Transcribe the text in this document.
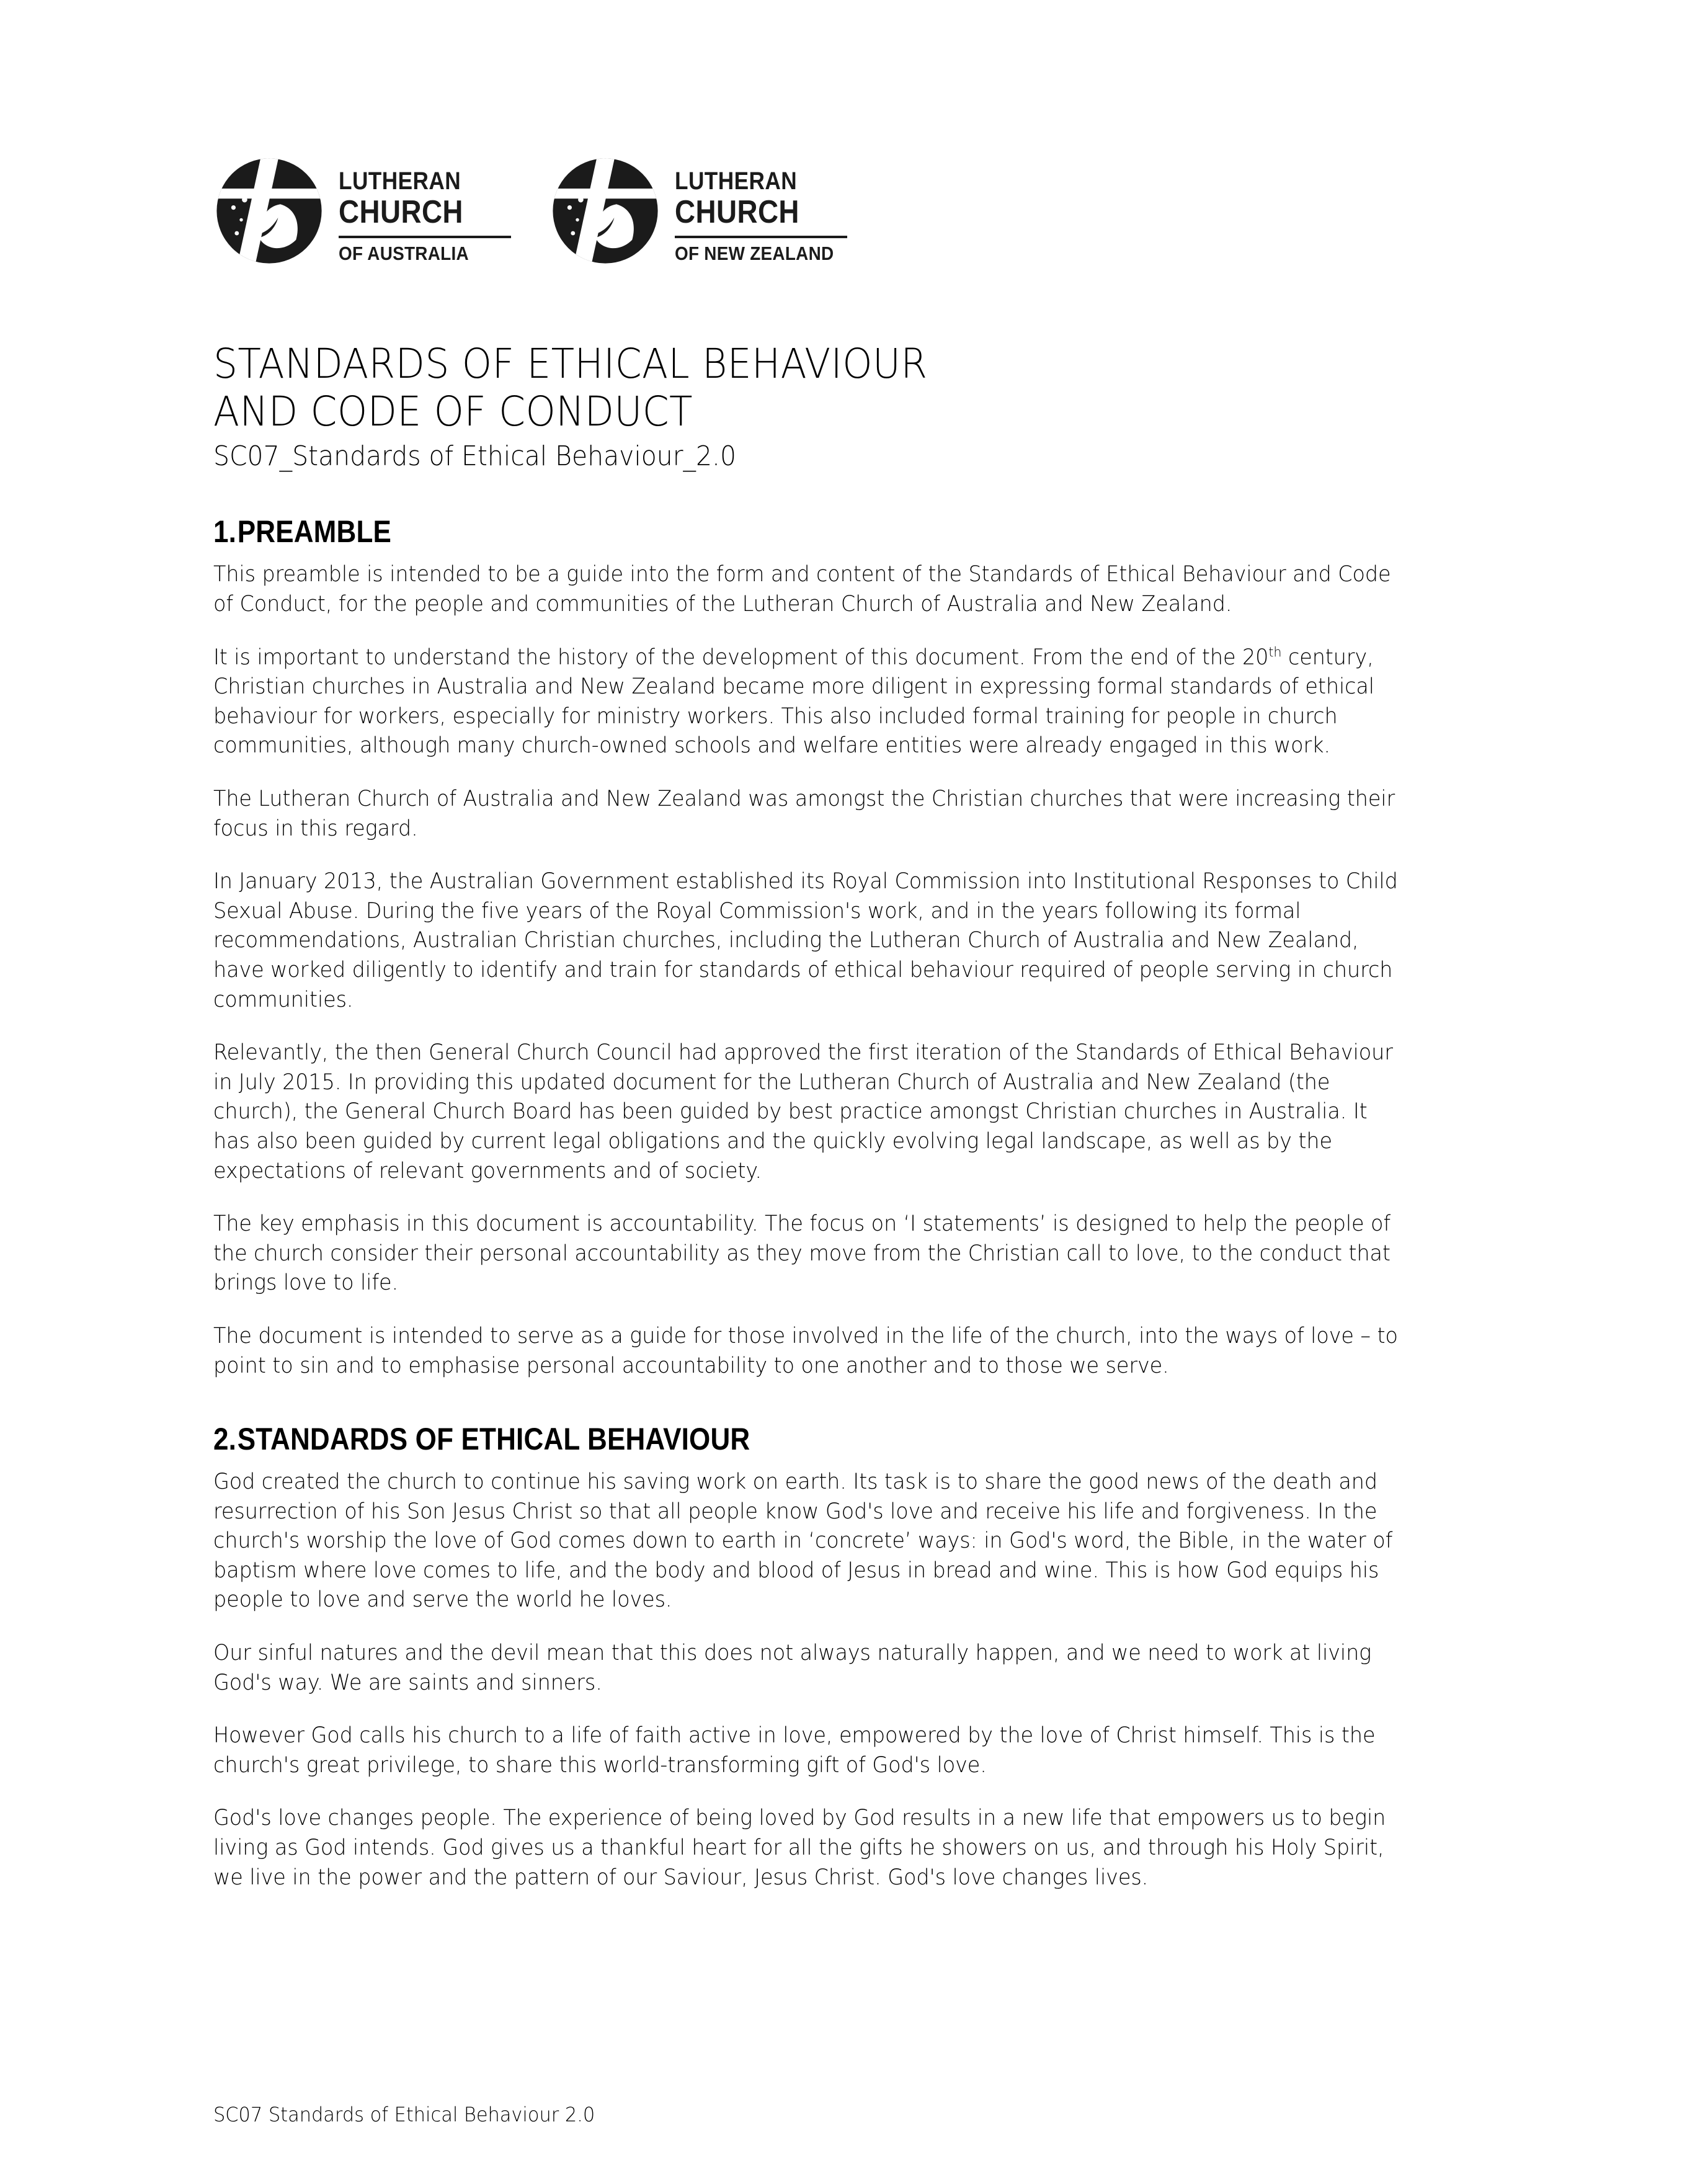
LUTHERAN
CHURCH
OF AUSTRALIA
LUTHERAN
CHURCH
OF NEW ZEALAND
STANDARDS OF ETHICAL BEHAVIOUR
AND CODE OF CONDUCT
SC07_Standards of Ethical Behaviour_2.0
1.PREAMBLE

This preamble is intended to be a guide into the form and content of the Standards of Ethical Behaviour and Code of Conduct, for the people and communities of the Lutheran Church of Australia and New Zealand.

It is important to understand the history of the development of this document. From the end of the 20th century, Christian churches in Australia and New Zealand became more diligent in expressing formal standards of ethical behaviour for workers, especially for ministry workers. This also included formal training for people in church communities, although many church-owned schools and welfare entities were already engaged in this work.

The Lutheran Church of Australia and New Zealand was amongst the Christian churches that were increasing their focus in this regard.

In January 2013, the Australian Government established its Royal Commission into Institutional Responses to Child Sexual Abuse. During the five years of the Royal Commission's work, and in the years following its formal recommendations, Australian Christian churches, including the Lutheran Church of Australia and New Zealand, have worked diligently to identify and train for standards of ethical behaviour required of people serving in church communities.

Relevantly, the then General Church Council had approved the first iteration of the Standards of Ethical Behaviour in July 2015. In providing this updated document for the Lutheran Church of Australia and New Zealand (the church), the General Church Board has been guided by best practice amongst Christian churches in Australia. It has also been guided by current legal obligations and the quickly evolving legal landscape, as well as by the expectations of relevant governments and of society.

The key emphasis in this document is accountability. The focus on ‘I statements’ is designed to help the people of the church consider their personal accountability as they move from the Christian call to love, to the conduct that brings love to life.

The document is intended to serve as a guide for those involved in the life of the church, into the ways of love – to point to sin and to emphasise personal accountability to one another and to those we serve.

2.STANDARDS OF ETHICAL BEHAVIOUR

God created the church to continue his saving work on earth. Its task is to share the good news of the death and resurrection of his Son Jesus Christ so that all people know God's love and receive his life and forgiveness. In the church's worship the love of God comes down to earth in ‘concrete’ ways: in God's word, the Bible, in the water of baptism where love comes to life, and the body and blood of Jesus in bread and wine. This is how God equips his people to love and serve the world he loves.

Our sinful natures and the devil mean that this does not always naturally happen, and we need to work at living God's way. We are saints and sinners.

However God calls his church to a life of faith active in love, empowered by the love of Christ himself. This is the church's great privilege, to share this world-transforming gift of God's love.

God's love changes people. The experience of being loved by God results in a new life that empowers us to begin living as God intends. God gives us a thankful heart for all the gifts he showers on us, and through his Holy Spirit, we live in the power and the pattern of our Saviour, Jesus Christ. God's love changes lives.

SC07 Standards of Ethical Behaviour 2.0
